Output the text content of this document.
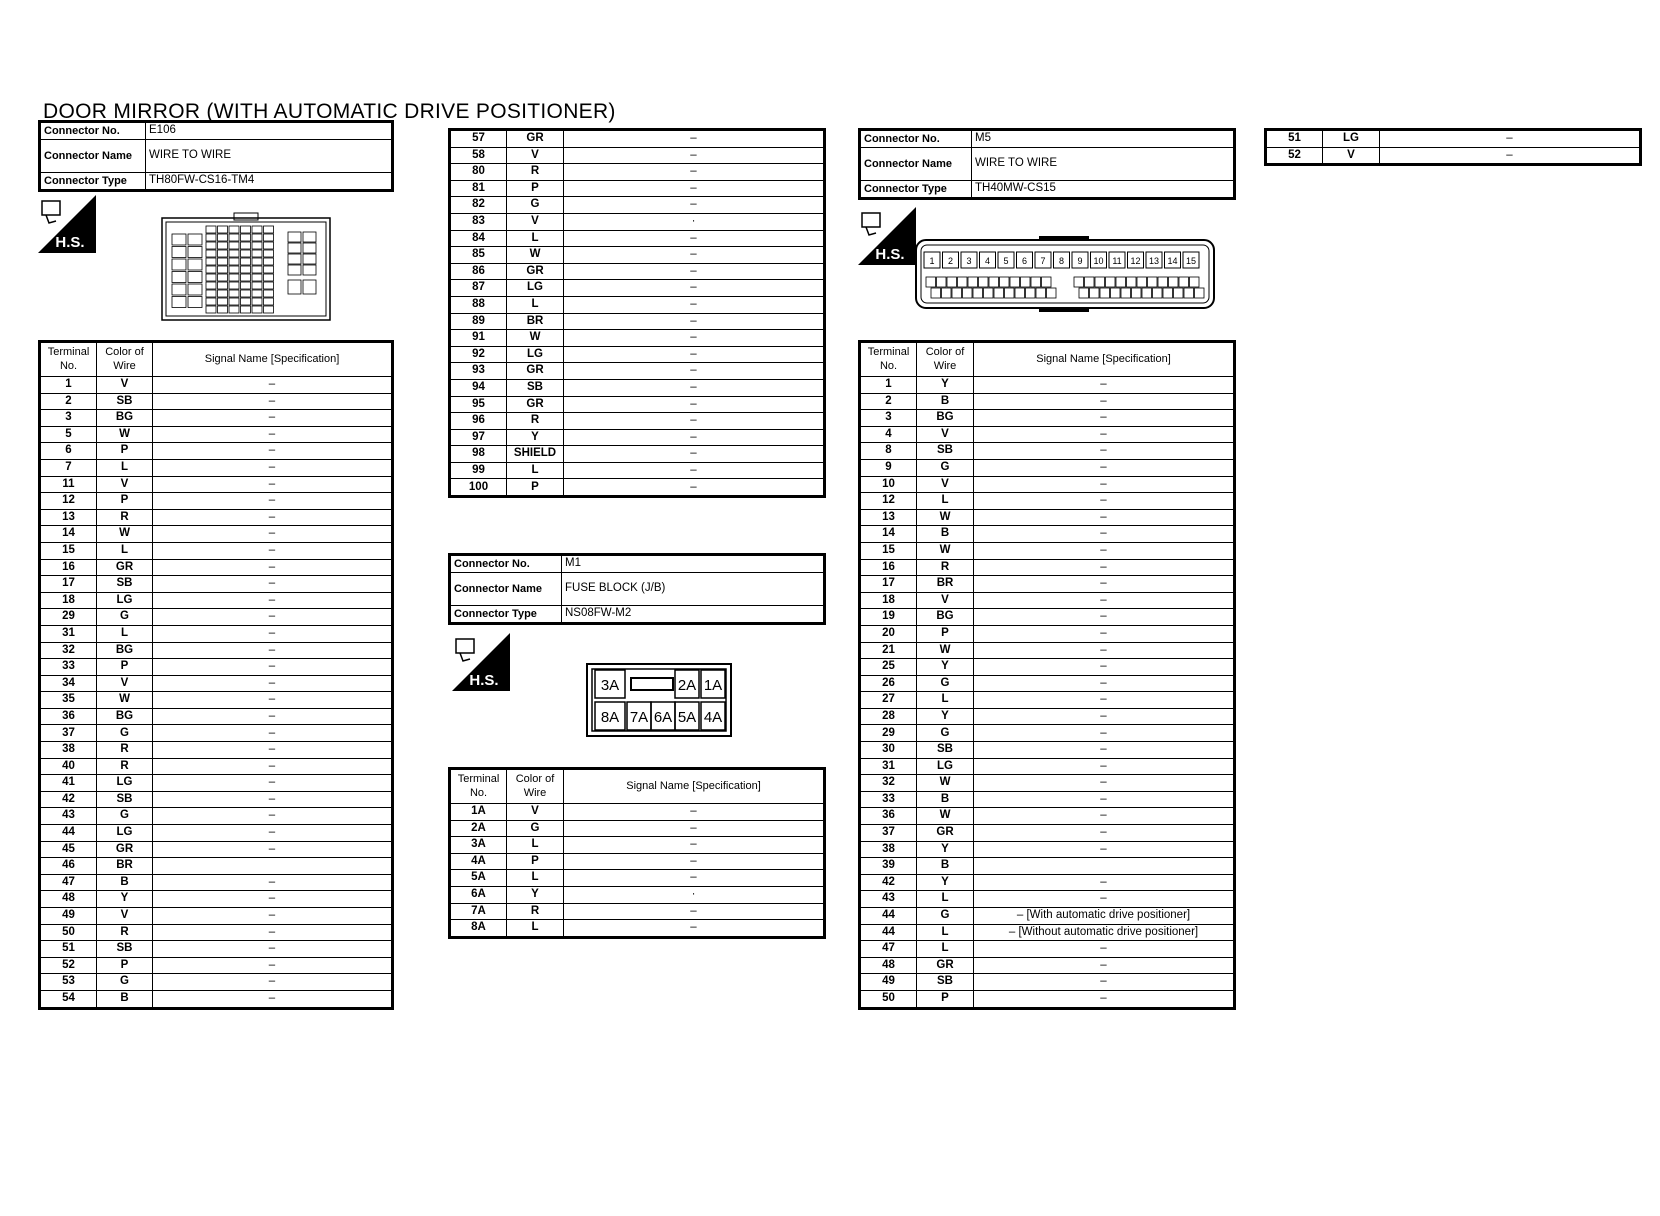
DOOR MIRROR (WITH AUTOMATIC DRIVE POSITIONER)
Connector No.	E106
Connector Name	WIRE TO WIRE
Connector Type	TH80FW-CS16-TM4
H.S.
Terminal No.	Color of Wire	Signal Name [Specification]
1	V	–
2	SB	–
3	BG	–
5	W	–
6	P	–
7	L	–
11	V	–
12	P	–
13	R	–
14	W	–
15	L	–
16	GR	–
17	SB	–
18	LG	–
29	G	–
31	L	–
32	BG	–
33	P	–
34	V	–
35	W	–
36	BG	–
37	G	–
38	R	–
40	R	–
41	LG	–
42	SB	–
43	G	–
44	LG	–
45	GR	–
46	BR	
47	B	–
48	Y	–
49	V	–
50	R	–
51	SB	–
52	P	–
53	G	–
54	B	–
57	GR	–
58	V	–
80	R	–
81	P	–
82	G	–
83	V	·
84	L	–
85	W	–
86	GR	–
87	LG	–
88	L	–
89	BR	–
91	W	–
92	LG	–
93	GR	–
94	SB	–
95	GR	–
96	R	–
97	Y	–
98	SHIELD	–
99	L	–
100	P	–
Connector No.	M1
Connector Name	FUSE BLOCK (J/B)
Connector Type	NS08FW-M2
H.S.	3A	2A 1A
8A 7A 6A 5A 4A
Terminal No.	Color of Wire	Signal Name [Specification]
1A	V	–
2A	G	–
3A	L	–
4A	P	–
5A	L	–
6A	Y	·
7A	R	–
8A	L	–
Connector No.	M5
Connector Name	WIRE TO WIRE
Connector Type	TH40MW-CS15
H.S.	1 2 3 4 5 6 7 8 9 10 11 12 13 14 15
Terminal No.	Color of Wire	Signal Name [Specification]
1	Y	–
2	B	–
3	BG	–
4	V	–
8	SB	–
9	G	–
10	V	–
12	L	–
13	W	–
14	B	–
15	W	–
16	R	–
17	BR	–
18	V	–
19	BG	–
20	P	–
21	W	–
25	Y	–
26	G	–
27	L	–
28	Y	–
29	G	–
30	SB	–
31	LG	–
32	W	–
33	B	–
36	W	–
37	GR	–
38	Y	–
39	B	
42	Y	–
43	L	–
44	G	– [With automatic drive positioner]
44	L	– [Without automatic drive positioner]
47	L	–
48	GR	–
49	SB	–
50	P	–
51	LG	–
52	V	–
